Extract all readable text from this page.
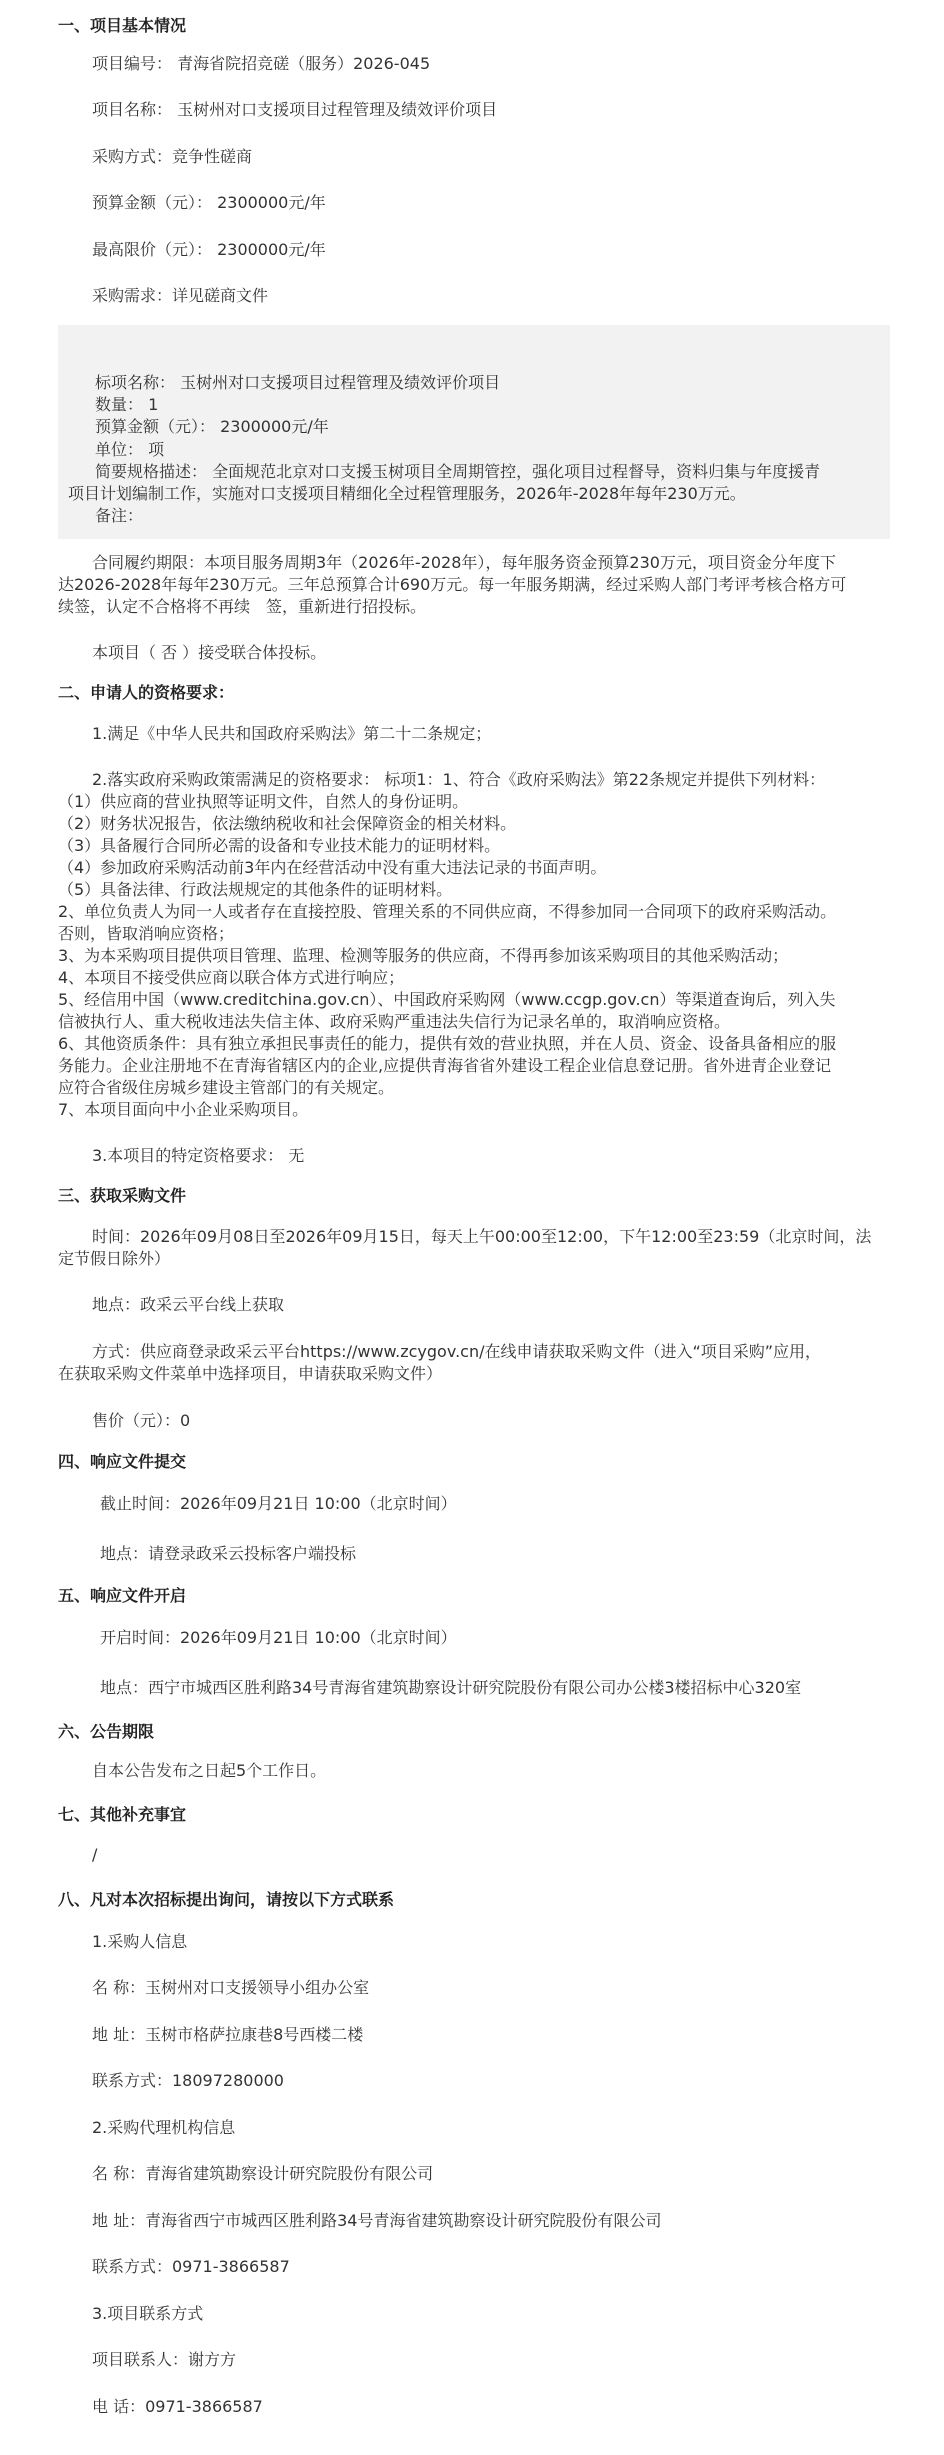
一、项目基本情况
项目编号： 青海省院招竞磋（服务）2026-045
项目名称： 玉树州对口支援项目过程管理及绩效评价项目
采购方式：竞争性磋商
预算金额（元）： 2300000元/年
最高限价（元）： 2300000元/年
采购需求：详见磋商文件
标项名称： 玉树州对口支援项目过程管理及绩效评价项目
数量： 1
预算金额（元）： 2300000元/年
单位： 项
简要规格描述： 全面规范北京对口支援玉树项目全周期管控，强化项目过程督导，资料归集与年度援青
项目计划编制工作，实施对口支援项目精细化全过程管理服务，2026年-2028年每年230万元。
备注：
合同履约期限：本项目服务周期3年（2026年-2028年），每年服务资金预算230万元，项目资金分年度下
达2026-2028年每年230万元。三年总预算合计690万元。每一年服务期满，经过采购人部门考评考核合格方可
续签，认定不合格将不再续　签，重新进行招投标。
本项目（ 否 ）接受联合体投标。
二、申请人的资格要求：
1.满足《中华人民共和国政府采购法》第二十二条规定；
2.落实政府采购政策需满足的资格要求： 标项1：1、符合《政府采购法》第22条规定并提供下列材料：
（1）供应商的营业执照等证明文件，自然人的身份证明。
（2）财务状况报告，依法缴纳税收和社会保障资金的相关材料。
（3）具备履行合同所必需的设备和专业技术能力的证明材料。
（4）参加政府采购活动前3年内在经营活动中没有重大违法记录的书面声明。
（5）具备法律、行政法规规定的其他条件的证明材料。
2、单位负责人为同一人或者存在直接控股、管理关系的不同供应商，不得参加同一合同项下的政府采购活动。
否则，皆取消响应资格；
3、为本采购项目提供项目管理、监理、检测等服务的供应商，不得再参加该采购项目的其他采购活动；
4、本项目不接受供应商以联合体方式进行响应；
5、经信用中国（www.creditchina.gov.cn）、中国政府采购网（www.ccgp.gov.cn）等渠道查询后，列入失
信被执行人、重大税收违法失信主体、政府采购严重违法失信行为记录名单的，取消响应资格。
6、其他资质条件：具有独立承担民事责任的能力，提供有效的营业执照，并在人员、资金、设备具备相应的服
务能力。企业注册地不在青海省辖区内的企业,应提供青海省省外建设工程企业信息登记册。省外进青企业登记
应符合省级住房城乡建设主管部门的有关规定。
7、本项目面向中小企业采购项目。
3.本项目的特定资格要求： 无
三、获取采购文件
时间：2026年09月08日至2026年09月15日，每天上午00:00至12:00，下午12:00至23:59（北京时间，法
定节假日除外）
地点：政采云平台线上获取
方式：供应商登录政采云平台https://www.zcygov.cn/在线申请获取采购文件（进入“项目采购”应用，
在获取采购文件菜单中选择项目，申请获取采购文件）
售价（元）：0
四、响应文件提交
截止时间：2026年09月21日 10:00（北京时间）
地点：请登录政采云投标客户端投标
五、响应文件开启
开启时间：2026年09月21日 10:00（北京时间）
地点：西宁市城西区胜利路34号青海省建筑勘察设计研究院股份有限公司办公楼3楼招标中心320室
六、公告期限
自本公告发布之日起5个工作日。
七、其他补充事宜
/
八、凡对本次招标提出询问，请按以下方式联系
1.采购人信息
名 称：玉树州对口支援领导小组办公室
地 址：玉树市格萨拉康巷8号西楼二楼
联系方式：18097280000
2.采购代理机构信息
名 称：青海省建筑勘察设计研究院股份有限公司
地 址：青海省西宁市城西区胜利路34号青海省建筑勘察设计研究院股份有限公司
联系方式：0971-3866587
3.项目联系方式
项目联系人：谢方方
电 话：0971-3866587
